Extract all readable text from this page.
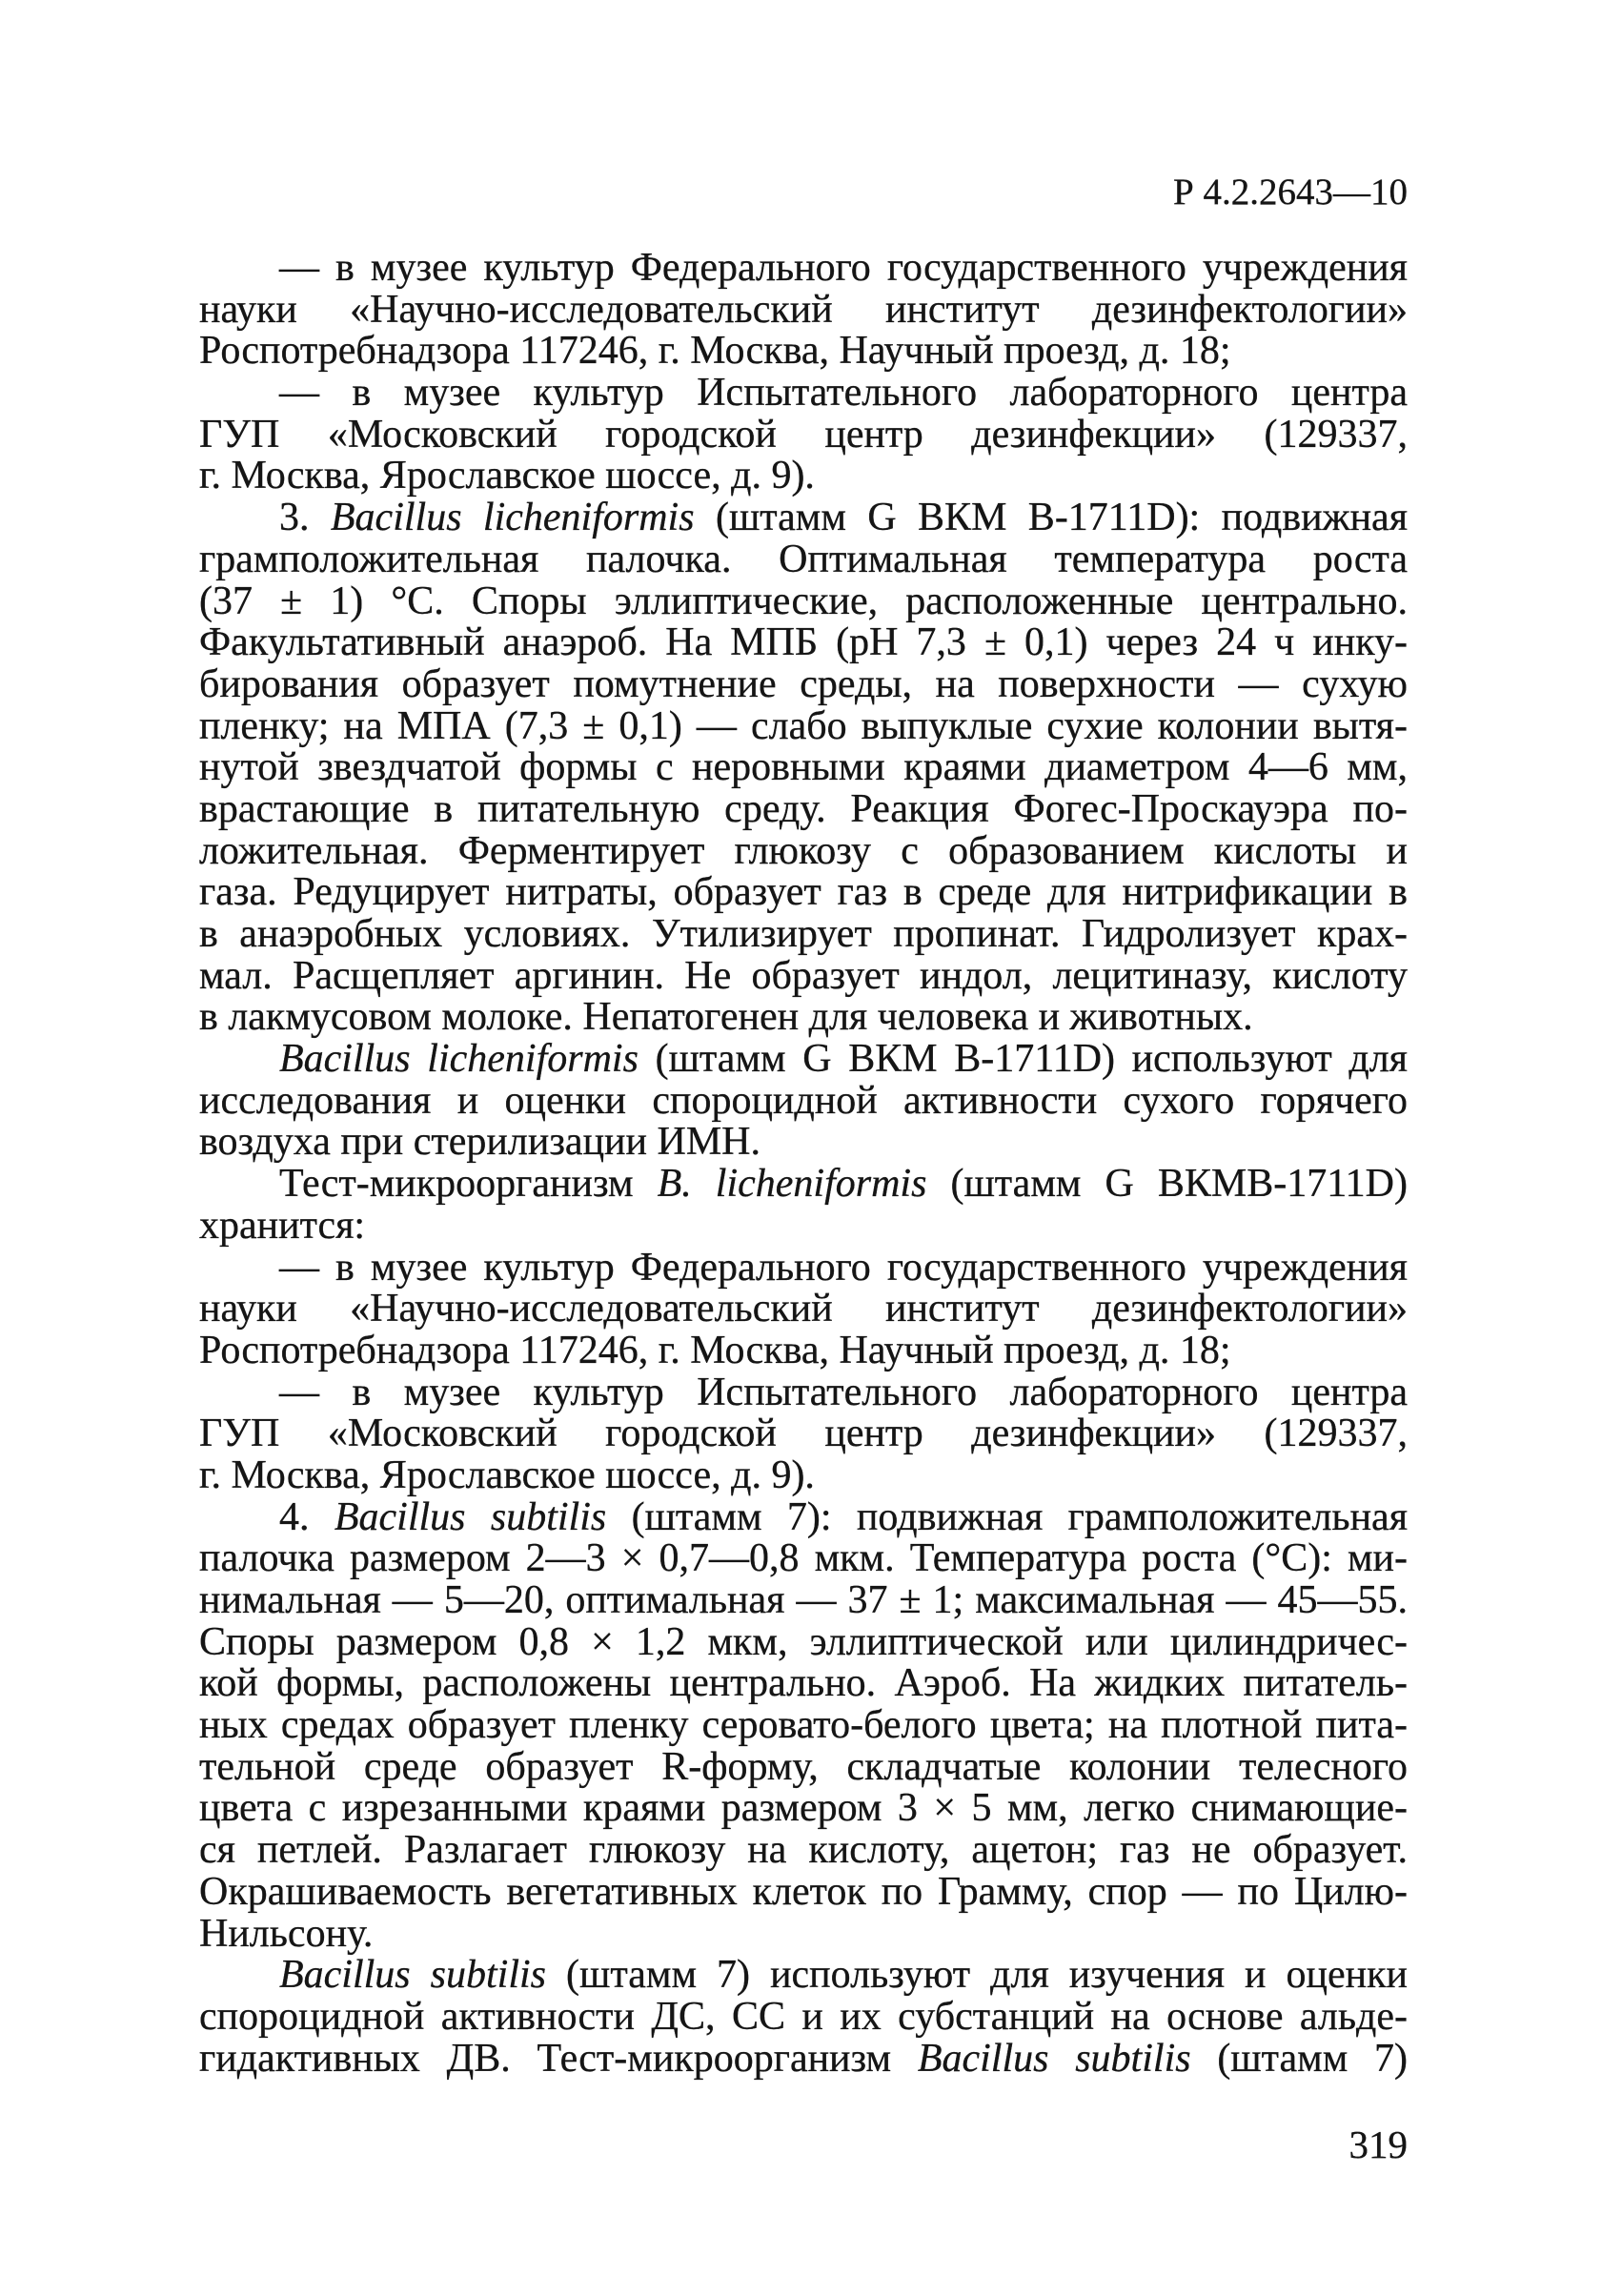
Р 4.2.2643—10
— в музее культур Федерального государственного учреждения
науки «Научно-исследовательский институт дезинфектологии»
Роспотребнадзора 117246, г. Москва, Научный проезд, д. 18;
— в музее культур Испытательного лабораторного центра
ГУП «Московский городской центр дезинфекции» (129337,
г. Москва, Ярославское шоссе, д. 9).
3. Bacillus licheniformis (штамм G ВКМ B-1711D): подвижная
грамположительная палочка. Оптимальная температура роста
(37 ± 1) °С. Споры эллиптические, расположенные центрально.
Факультативный анаэроб. На МПБ (рН 7,3 ± 0,1) через 24 ч инку-
бирования образует помутнение среды, на поверхности — сухую
пленку; на МПА (7,3 ± 0,1) — слабо выпуклые сухие колонии вытя-
нутой звездчатой формы с неровными краями диаметром 4—6 мм,
врастающие в питательную среду. Реакция Фогес-Проскауэра по-
ложительная. Ферментирует глюкозу с образованием кислоты и
газа. Редуцирует нитраты, образует газ в среде для нитрификации в
в анаэробных условиях. Утилизирует пропинат. Гидролизует крах-
мал. Расщепляет аргинин. Не образует индол, лецитиназу, кислоту
в лакмусовом молоке. Непатогенен для человека и животных.
Bacillus licheniformis (штамм G ВКМ B-1711D) используют для
исследования и оценки спороцидной активности сухого горячего
воздуха при стерилизации ИМН.
Тест-микроорганизм B. licheniformis (штамм G ВКМВ-1711D)
хранится:
— в музее культур Федерального государственного учреждения
науки «Научно-исследовательский институт дезинфектологии»
Роспотребнадзора 117246, г. Москва, Научный проезд, д. 18;
— в музее культур Испытательного лабораторного центра
ГУП «Московский городской центр дезинфекции» (129337,
г. Москва, Ярославское шоссе, д. 9).
4. Bacillus subtilis (штамм 7): подвижная грамположительная
палочка размером 2—3 × 0,7—0,8 мкм. Температура роста (°С): ми-
нимальная — 5—20, оптимальная — 37 ± 1; максимальная — 45—55.
Споры размером 0,8 × 1,2 мкм, эллиптической или цилиндричес-
кой формы, расположены центрально. Аэроб. На жидких питатель-
ных средах образует пленку серовато-белого цвета; на плотной пита-
тельной среде образует R-форму, складчатые колонии телесного
цвета с изрезанными краями размером 3 × 5 мм, легко снимающие-
ся петлей. Разлагает глюкозу на кислоту, ацетон; газ не образует.
Окрашиваемость вегетативных клеток по Грамму, спор — по Цилю-
Нильсону.
Bacillus subtilis (штамм 7) используют для изучения и оценки
спороцидной активности ДС, СС и их субстанций на основе альде-
гидактивных ДВ. Тест-микроорганизм Bacillus subtilis (штамм 7)
319
